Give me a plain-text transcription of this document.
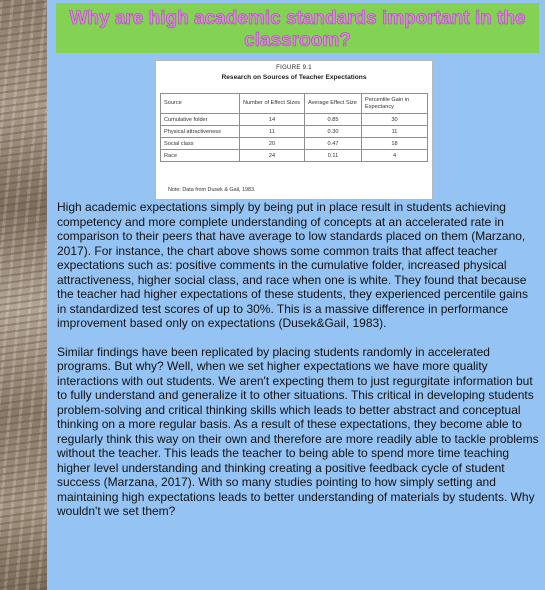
Why are high academic standards important in the classroom?
FIGURE 9.1
Research on Sources of Teacher Expectations
Source	Number of Effect Sizes	Average Effect Size	Percentile Gain in Expectancy
Cumulative folder	14	0.85	30
Physical attractiveness	11	0.30	11
Social class	20	0.47	18
Race	24	0.11	4
Note: Data from Dusek & Gail, 1983.

High academic expectations simply by being put in place result in students achieving competency and more complete understanding of concepts at an accelerated rate in comparison to their peers that have average to low standards placed on them (Marzano, 2017). For instance, the chart above shows some common traits that affect teacher expectations such as: positive comments in the cumulative folder, increased physical attractiveness, higher social class, and race when one is white. They found that because the teacher had higher expectations of these students, they experienced percentile gains in standardized test scores of up to 30%. This is a massive difference in performance improvement based only on expectations (Dusek&Gail, 1983).

Similar findings have been replicated by placing students randomly in accelerated programs. But why? Well, when we set higher expectations we have more quality interactions with out students. We aren't expecting them to just regurgitate information but to fully understand and generalize it to other situations. This critical in developing students problem-solving and critical thinking skills which leads to better abstract and conceptual thinking on a more regular basis. As a result of these expectations, they become able to regularly think this way on their own and therefore are more readily able to tackle problems without the teacher. This leads the teacher to being able to spend more time teaching higher level understanding and thinking creating a positive feedback cycle of student success (Marzana, 2017). With so many studies pointing to how simply setting and maintaining high expectations leads to better understanding of materials by students. Why wouldn't we set them?
